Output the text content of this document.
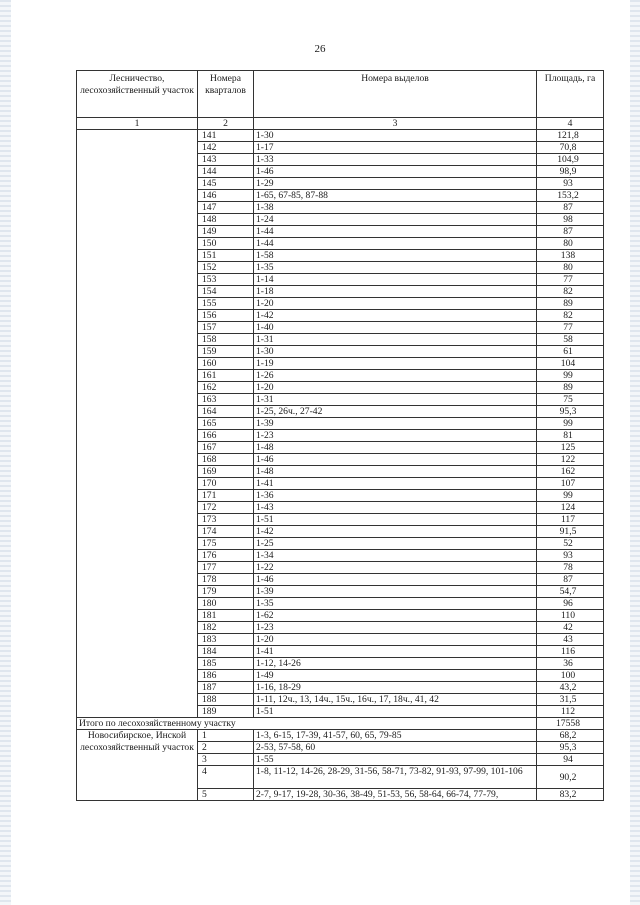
26
Лесничество, лесохозяйственный участок	Номера кварталов	Номера выделов	Площадь, га
1	2	3	4
	141	1-30	121,8
	142	1-17	70,8
	143	1-33	104,9
	144	1-46	98,9
	145	1-29	93
	146	1-65, 67-85, 87-88	153,2
	147	1-38	87
	148	1-24	98
	149	1-44	87
	150	1-44	80
	151	1-58	138
	152	1-35	80
	153	1-14	77
	154	1-18	82
	155	1-20	89
	156	1-42	82
	157	1-40	77
	158	1-31	58
	159	1-30	61
	160	1-19	104
	161	1-26	99
	162	1-20	89
	163	1-31	75
	164	1-25, 26ч., 27-42	95,3
	165	1-39	99
	166	1-23	81
	167	1-48	125
	168	1-46	122
	169	1-48	162
	170	1-41	107
	171	1-36	99
	172	1-43	124
	173	1-51	117
	174	1-42	91,5
	175	1-25	52
	176	1-34	93
	177	1-22	78
	178	1-46	87
	179	1-39	54,7
	180	1-35	96
	181	1-62	110
	182	1-23	42
	183	1-20	43
	184	1-41	116
	185	1-12, 14-26	36
	186	1-49	100
	187	1-16, 18-29	43,2
	188	1-11, 12ч., 13, 14ч., 15ч., 16ч., 17, 18ч., 41, 42	31,5
	189	1-51	112
Итого по лесохозяйственному участку			17558
Новосибирское, Инской лесохозяйственный участок	1	1-3, 6-15, 17-39, 41-57, 60, 65, 79-85	68,2
	2	2-53, 57-58, 60	95,3
	3	1-55	94
	4	1-8, 11-12, 14-26, 28-29, 31-56, 58-71, 73-82, 91-93, 97-99, 101-106	90,2
	5	2-7, 9-17, 19-28, 30-36, 38-49, 51-53, 56, 58-64, 66-74, 77-79,	83,2
